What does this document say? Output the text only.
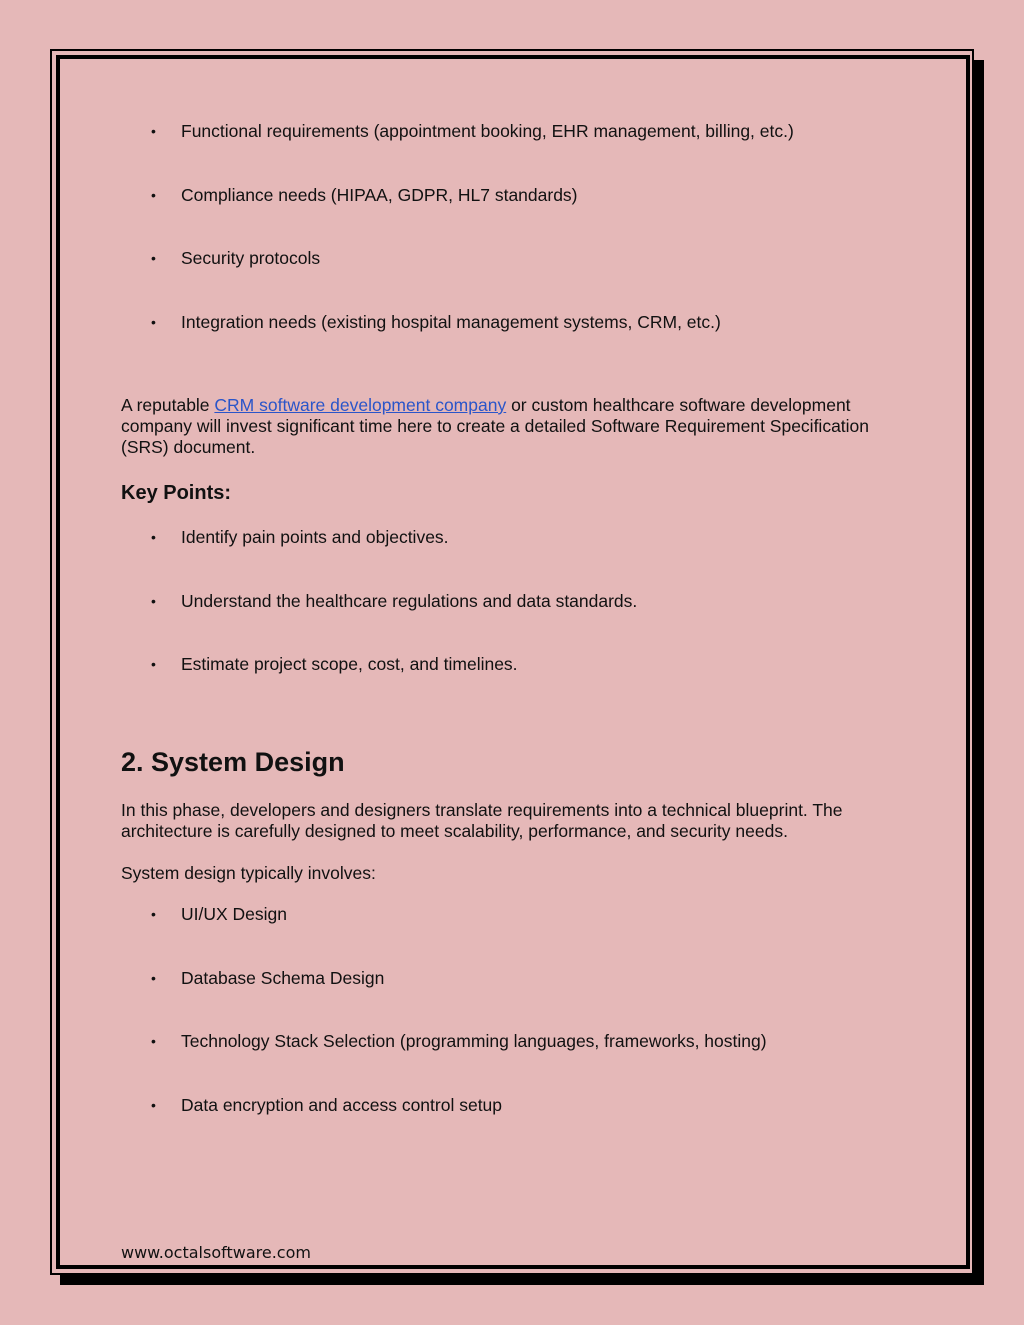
• Functional requirements (appointment booking, EHR management, billing, etc.)
• Compliance needs (HIPAA, GDPR, HL7 standards)
• Security protocols
• Integration needs (existing hospital management systems, CRM, etc.)

A reputable CRM software development company or custom healthcare software development company will invest significant time here to create a detailed Software Requirement Specification (SRS) document.

Key Points:
• Identify pain points and objectives.
• Understand the healthcare regulations and data standards.
• Estimate project scope, cost, and timelines.
2. System Design

In this phase, developers and designers translate requirements into a technical blueprint. The architecture is carefully designed to meet scalability, performance, and security needs.

System design typically involves:

• UI/UX Design
• Database Schema Design
• Technology Stack Selection (programming languages, frameworks, hosting)
• Data encryption and access control setup
www.octalsoftware.com
